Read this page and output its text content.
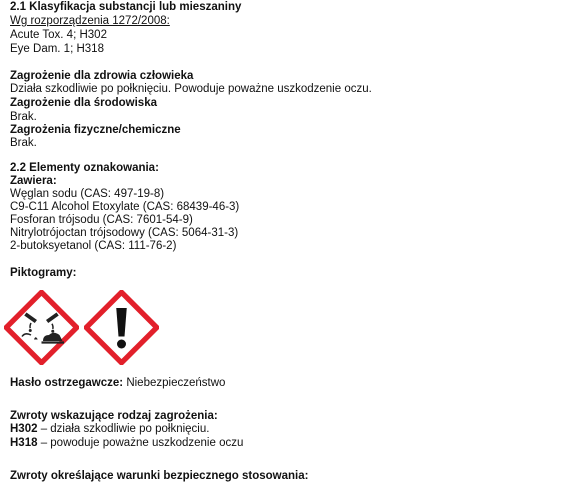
2.1 Klasyfikacja substancji lub mieszaniny
Wg rozporządzenia 1272/2008:
Acute Tox. 4; H302
Eye Dam. 1; H318
Zagrożenie dla zdrowia człowieka
Działa szkodliwie po połknięciu. Powoduje poważne uszkodzenie oczu.
Zagrożenie dla środowiska
Brak.
Zagrożenia fizyczne/chemiczne
Brak.
2.2 Elementy oznakowania:
Zawiera:
Węglan sodu (CAS: 497-19-8)
C9-C11 Alcohol Etoxylate (CAS: 68439-46-3)
Fosforan trójsodu (CAS: 7601-54-9)
Nitrylotrójoctan trójsodowy (CAS: 5064-31-3)
2-butoksyetanol (CAS: 111-76-2)
Piktogramy:
Hasło ostrzegawcze: Niebezpieczeństwo
Zwroty wskazujące rodzaj zagrożenia:
H302 – działa szkodliwie po połknięciu.
H318 – powoduje poważne uszkodzenie oczu
Zwroty określające warunki bezpiecznego stosowania:
